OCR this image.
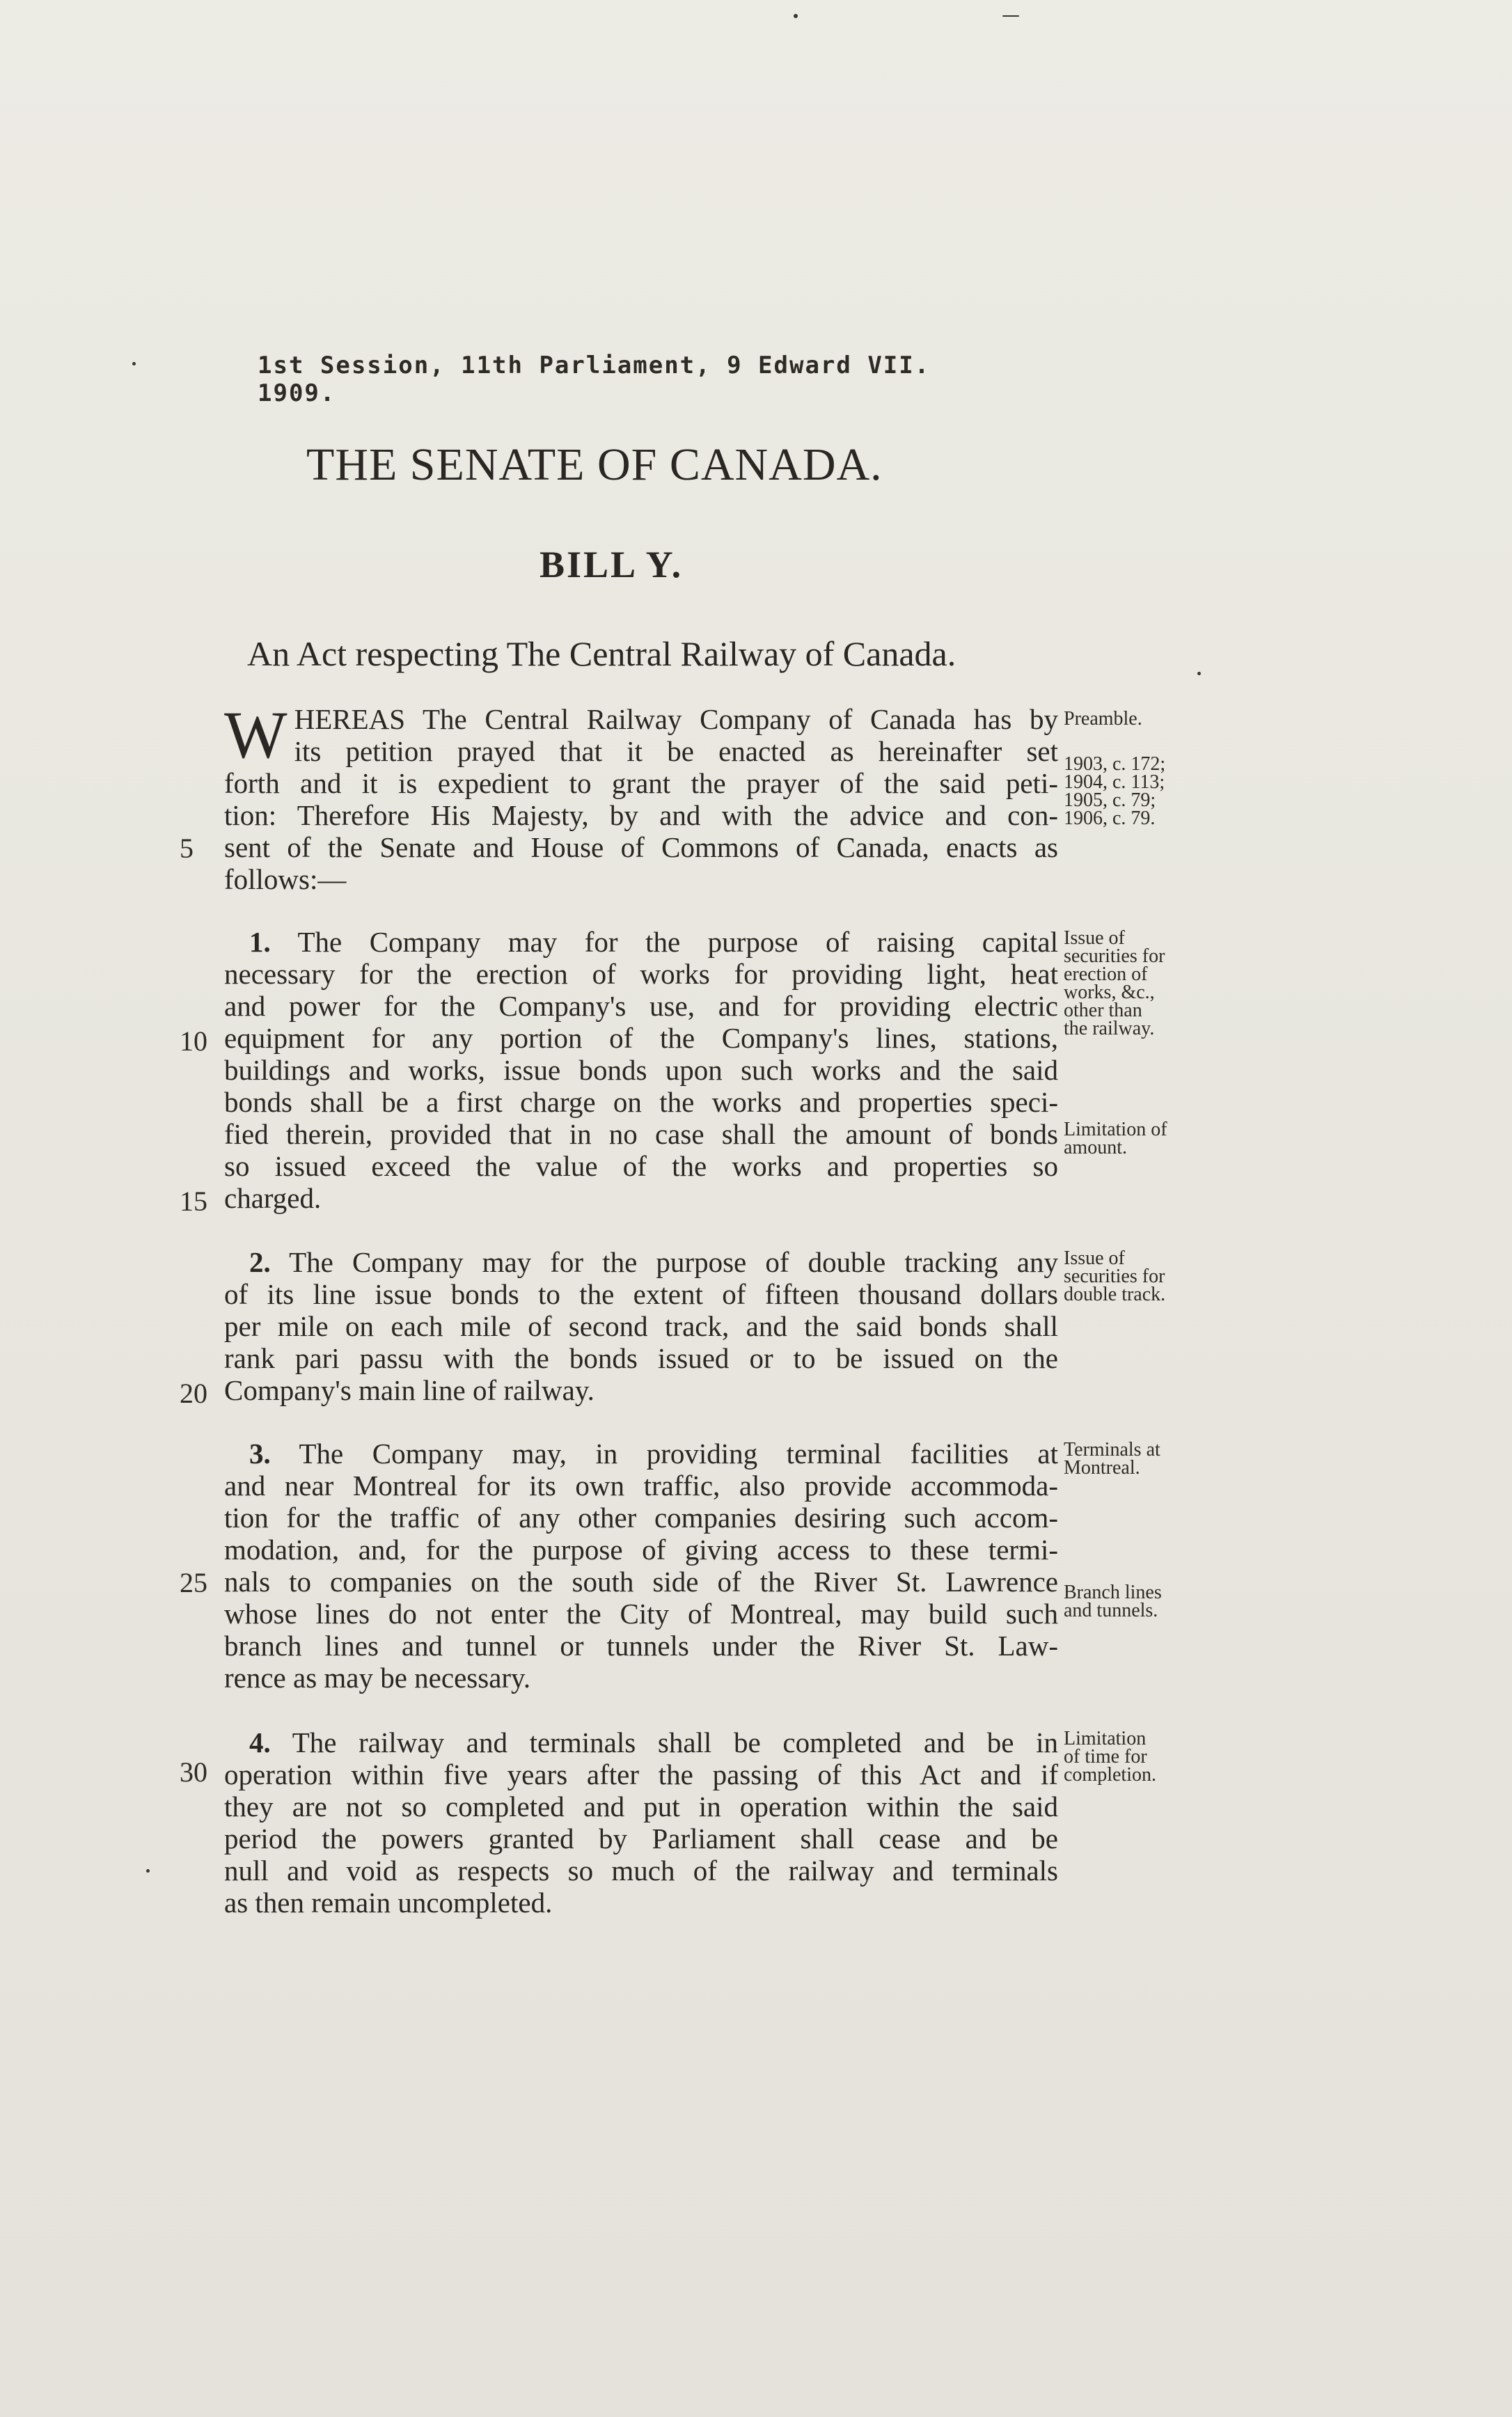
1st Session, 11th Parliament, 9 Edward VII. 1909.
THE SENATE OF CANADA.
BILL Y.
An Act respecting The Central Railway of Canada.
W HEREAS The Central Railway Company of Canada has by
its petition prayed that it be enacted as hereinafter set
forth and it is expedient to grant the prayer of the said peti-
tion: Therefore His Majesty, by and with the advice and con-
sent of the Senate and House of Commons of Canada, enacts as
follows:—
1. The Company may for the purpose of raising capital
necessary for the erection of works for providing light, heat
and power for the Company's use, and for providing electric
equipment for any portion of the Company's lines, stations,
buildings and works, issue bonds upon such works and the said
bonds shall be a first charge on the works and properties speci-
fied therein, provided that in no case shall the amount of bonds
so issued exceed the value of the works and properties so
charged.
2. The Company may for the purpose of double tracking any
of its line issue bonds to the extent of fifteen thousand dollars
per mile on each mile of second track, and the said bonds shall
rank pari passu with the bonds issued or to be issued on the
Company's main line of railway.
3. The Company may, in providing terminal facilities at
and near Montreal for its own traffic, also provide accommoda-
tion for the traffic of any other companies desiring such accom-
modation, and, for the purpose of giving access to these termi-
nals to companies on the south side of the River St. Lawrence
whose lines do not enter the City of Montreal, may build such
branch lines and tunnel or tunnels under the River St. Law-
rence as may be necessary.
4. The railway and terminals shall be completed and be in
operation within five years after the passing of this Act and if
they are not so completed and put in operation within the said
period the powers granted by Parliament shall cease and be
null and void as respects so much of the railway and terminals
as then remain uncompleted.
Preamble.
1903, c. 172;
1904, c. 113;
1905, c. 79;
1906, c. 79.
Issue of
securities for
erection of
works, &c.,
other than
the railway.
Limitation of
amount.
Issue of
securities for
double track.
Terminals at
Montreal.
Branch lines
and tunnels.
Limitation
of time for
completion.
5
10
15
20
25
30
